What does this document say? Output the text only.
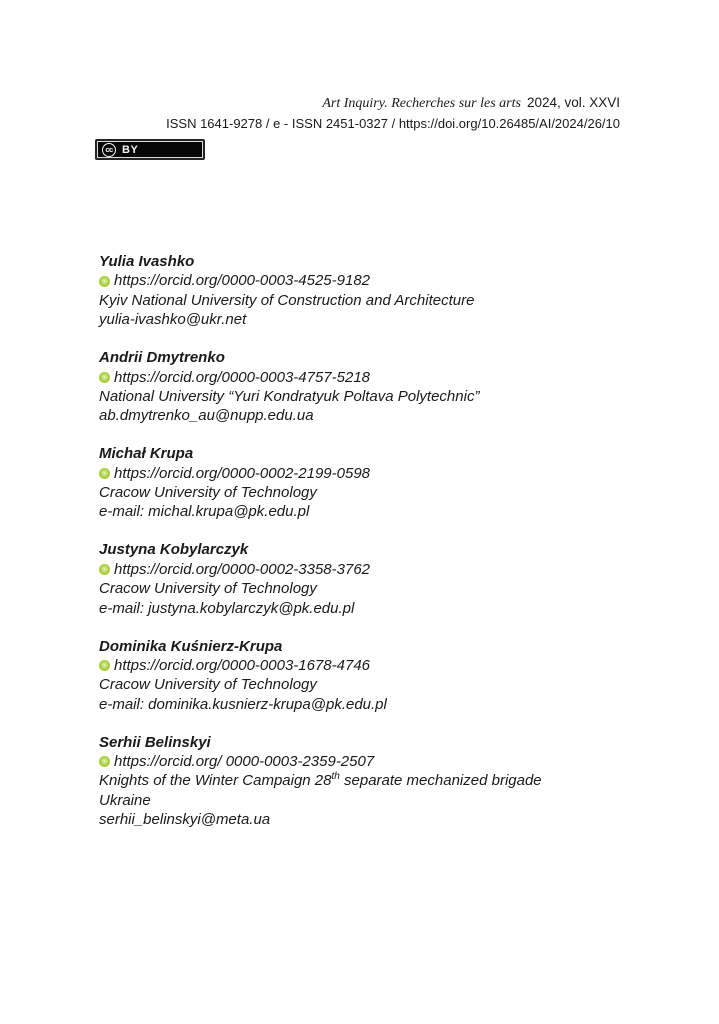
Art Inquiry. Recherches sur les arts 2024, vol. XXVI
ISSN 1641-9278 / e - ISSN 2451-0327 / https://doi.org/10.26485/AI/2024/26/10
cc BY
Yulia Ivashko
https://orcid.org/0000-0003-4525-9182
Kyiv National University of Construction and Architecture
yulia-ivashko@ukr.net
Andrii Dmytrenko
https://orcid.org/0000-0003-4757-5218
National University “Yuri Kondratyuk Poltava Polytechnic”
ab.dmytrenko_au@nupp.edu.ua
Michał Krupa
https://orcid.org/0000-0002-2199-0598
Cracow University of Technology
e-mail: michal.krupa@pk.edu.pl
Justyna Kobylarczyk
https://orcid.org/0000-0002-3358-3762
Cracow University of Technology
e-mail: justyna.kobylarczyk@pk.edu.pl
Dominika Kuśnierz-Krupa
https://orcid.org/0000-0003-1678-4746
Cracow University of Technology
e-mail: dominika.kusnierz-krupa@pk.edu.pl
Serhii Belinskyi
https://orcid.org/ 0000-0003-2359-2507
Knights of the Winter Campaign 28th separate mechanized brigade
Ukraine
serhii_belinskyi@meta.ua
